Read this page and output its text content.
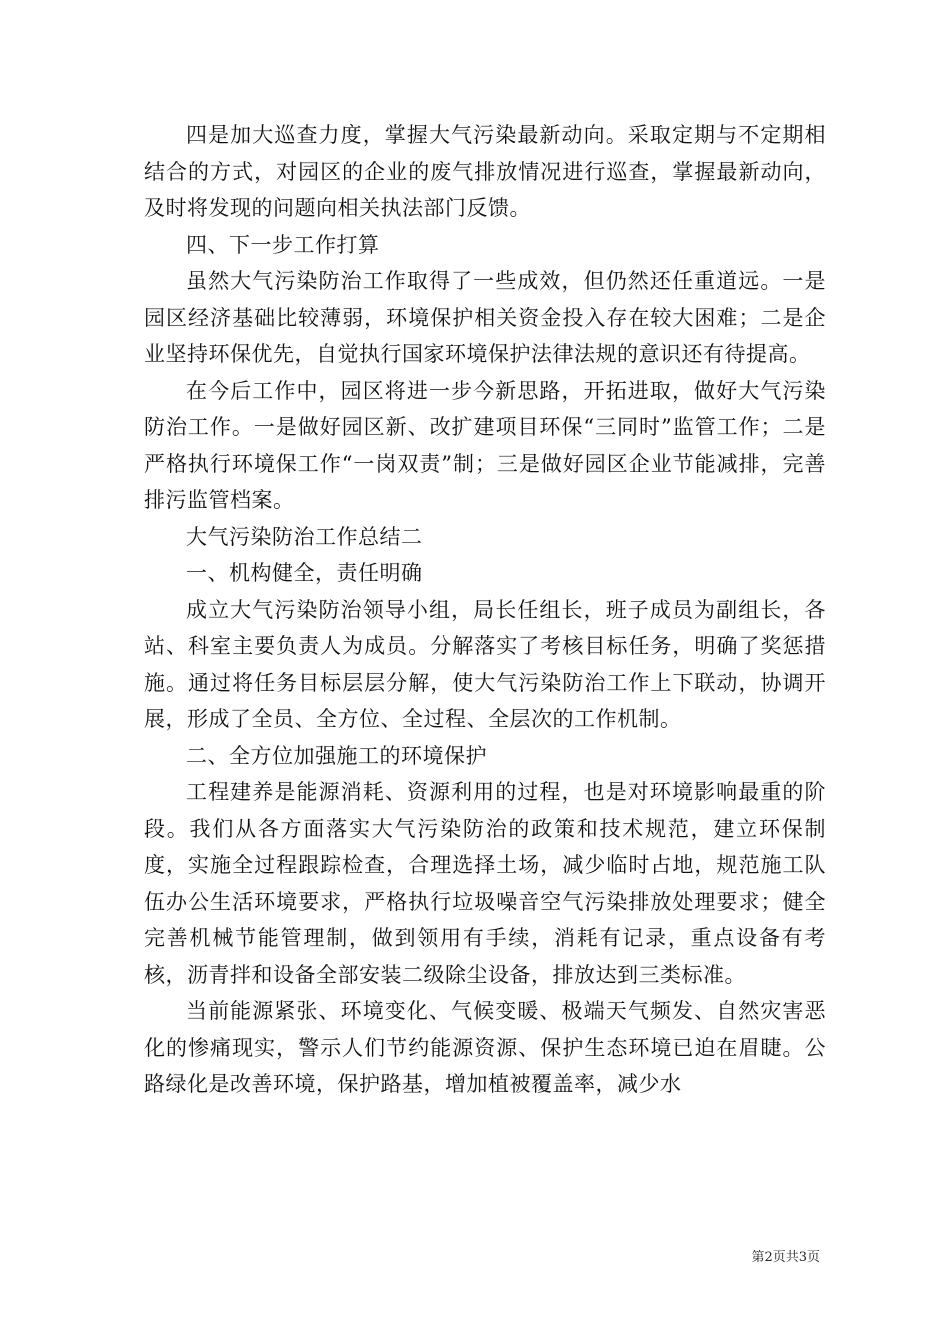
四是加大巡查力度，掌握大气污染最新动向。采取定期与不定期相结合的方式，对园区的企业的废气排放情况进行巡查，掌握最新动向，及时将发现的问题向相关执法部门反馈。

四、下一步工作打算

虽然大气污染防治工作取得了一些成效，但仍然还任重道远。一是园区经济基础比较薄弱，环境保护相关资金投入存在较大困难；二是企业坚持环保优先，自觉执行国家环境保护法律法规的意识还有待提高。

在今后工作中，园区将进一步今新思路，开拓进取，做好大气污染防治工作。一是做好园区新、改扩建项目环保“三同时”监管工作；二是严格执行环境保工作“一岗双责”制；三是做好园区企业节能减排，完善排污监管档案。

大气污染防治工作总结二

一、机构健全，责任明确

成立大气污染防治领导小组，局长任组长，班子成员为副组长，各站、科室主要负责人为成员。分解落实了考核目标任务，明确了奖惩措施。通过将任务目标层层分解，使大气污染防治工作上下联动，协调开展，形成了全员、全方位、全过程、全层次的工作机制。

二、全方位加强施工的环境保护

工程建养是能源消耗、资源利用的过程，也是对环境影响最重的阶段。我们从各方面落实大气污染防治的政策和技术规范，建立环保制度，实施全过程跟踪检查，合理选择土场，减少临时占地，规范施工队伍办公生活环境要求，严格执行垃圾噪音空气污染排放处理要求；健全完善机械节能管理制，做到领用有手续，消耗有记录，重点设备有考核，沥青拌和设备全部安装二级除尘设备，排放达到三类标准。

当前能源紧张、环境变化、气候变暖、极端天气频发、自然灾害恶化的惨痛现实，警示人们节约能源资源、保护生态环境已迫在眉睫。公路绿化是改善环境，保护路基，增加植被覆盖率，减少水

第2页共3页
